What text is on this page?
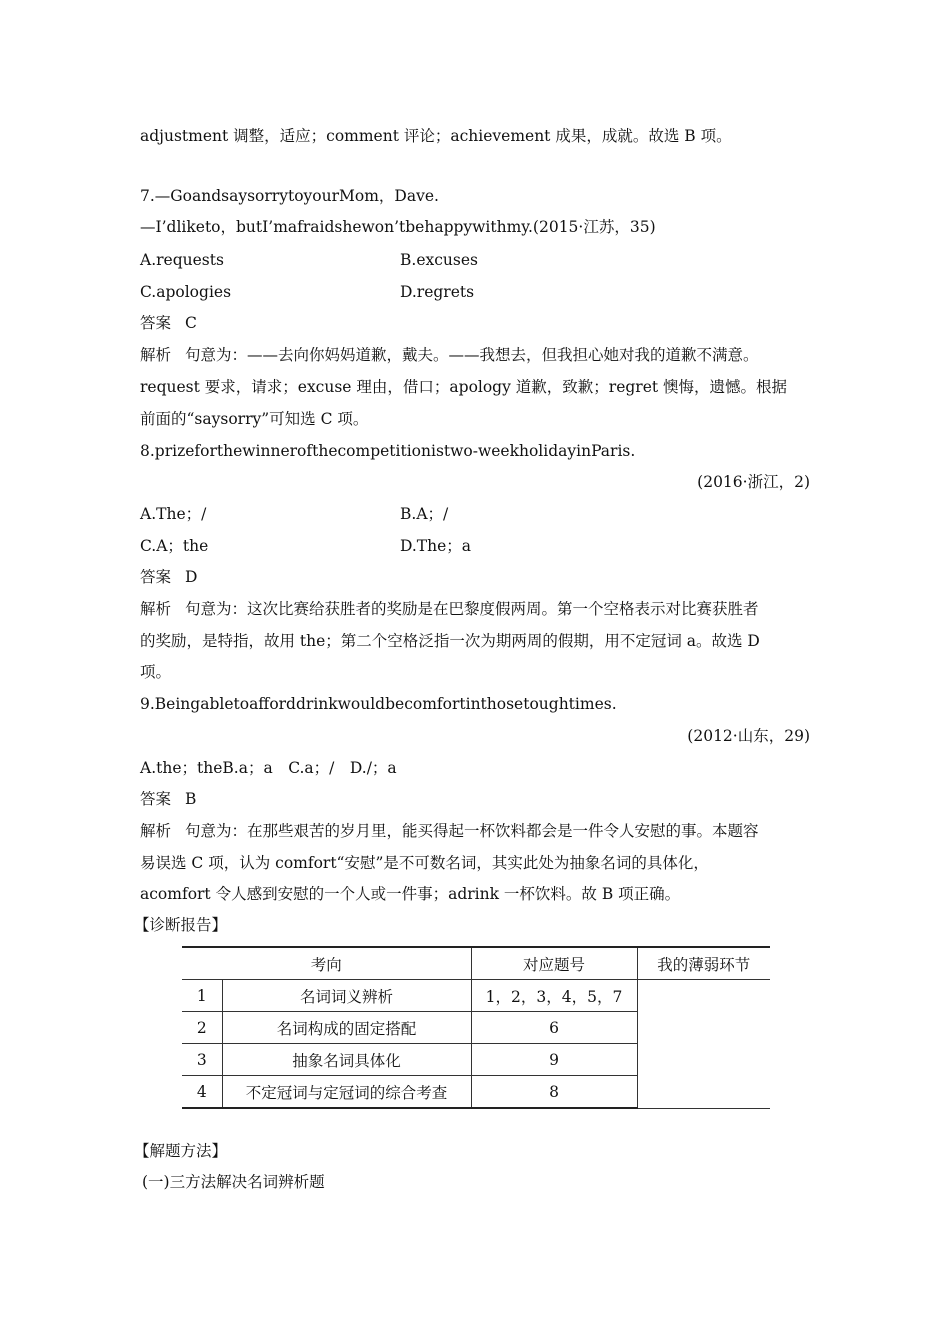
adjustment 调整，适应；comment 评论；achievement 成果，成就。故选 B 项。
7.—GoandsaysorrytoyourMom，Dave.
—I’dliketo，butI’mafraidshewon’tbehappywithmy.(2015·江苏，35)
A.requests	B.excuses
C.apologies	D.regrets
答案 C
解析 句意为：——去向你妈妈道歉，戴夫。——我想去，但我担心她对我的道歉不满意。
request 要求，请求；excuse 理由，借口；apology 道歉，致歉；regret 懊悔，遗憾。根据
前面的“saysorry”可知选 C 项。
8.prizeforthewinnerofthecompetitionistwo-weekholidayinParis.
(2016·浙江，2)
A.The；/	B.A；/
C.A；the	D.The；a
答案 D
解析 句意为：这次比赛给获胜者的奖励是在巴黎度假两周。第一个空格表示对比赛获胜者
的奖励，是特指，故用 the；第二个空格泛指一次为期两周的假期，用不定冠词 a。故选 D
项。
9.Beingabletoafforddrinkwouldbecomfortinthosetoughtimes.
(2012·山东，29)
A.the；theB.a；a　C.a；/　D./；a
答案 B
解析 句意为：在那些艰苦的岁月里，能买得起一杯饮料都会是一件令人安慰的事。本题容
易误选 C 项，认为 comfort“安慰”是不可数名词，其实此处为抽象名词的具体化，
acomfort 令人感到安慰的一个人或一件事；adrink 一杯饮料。故 B 项正确。
【诊断报告】
考向		对应题号	我的薄弱环节
1	名词词义辨析	1，2，3，4，5，7	
2	名词构成的固定搭配	6	
3	抽象名词具体化	9	
4	不定冠词与定冠词的综合考查	8	
【解题方法】
(一)三方法解决名词辨析题
